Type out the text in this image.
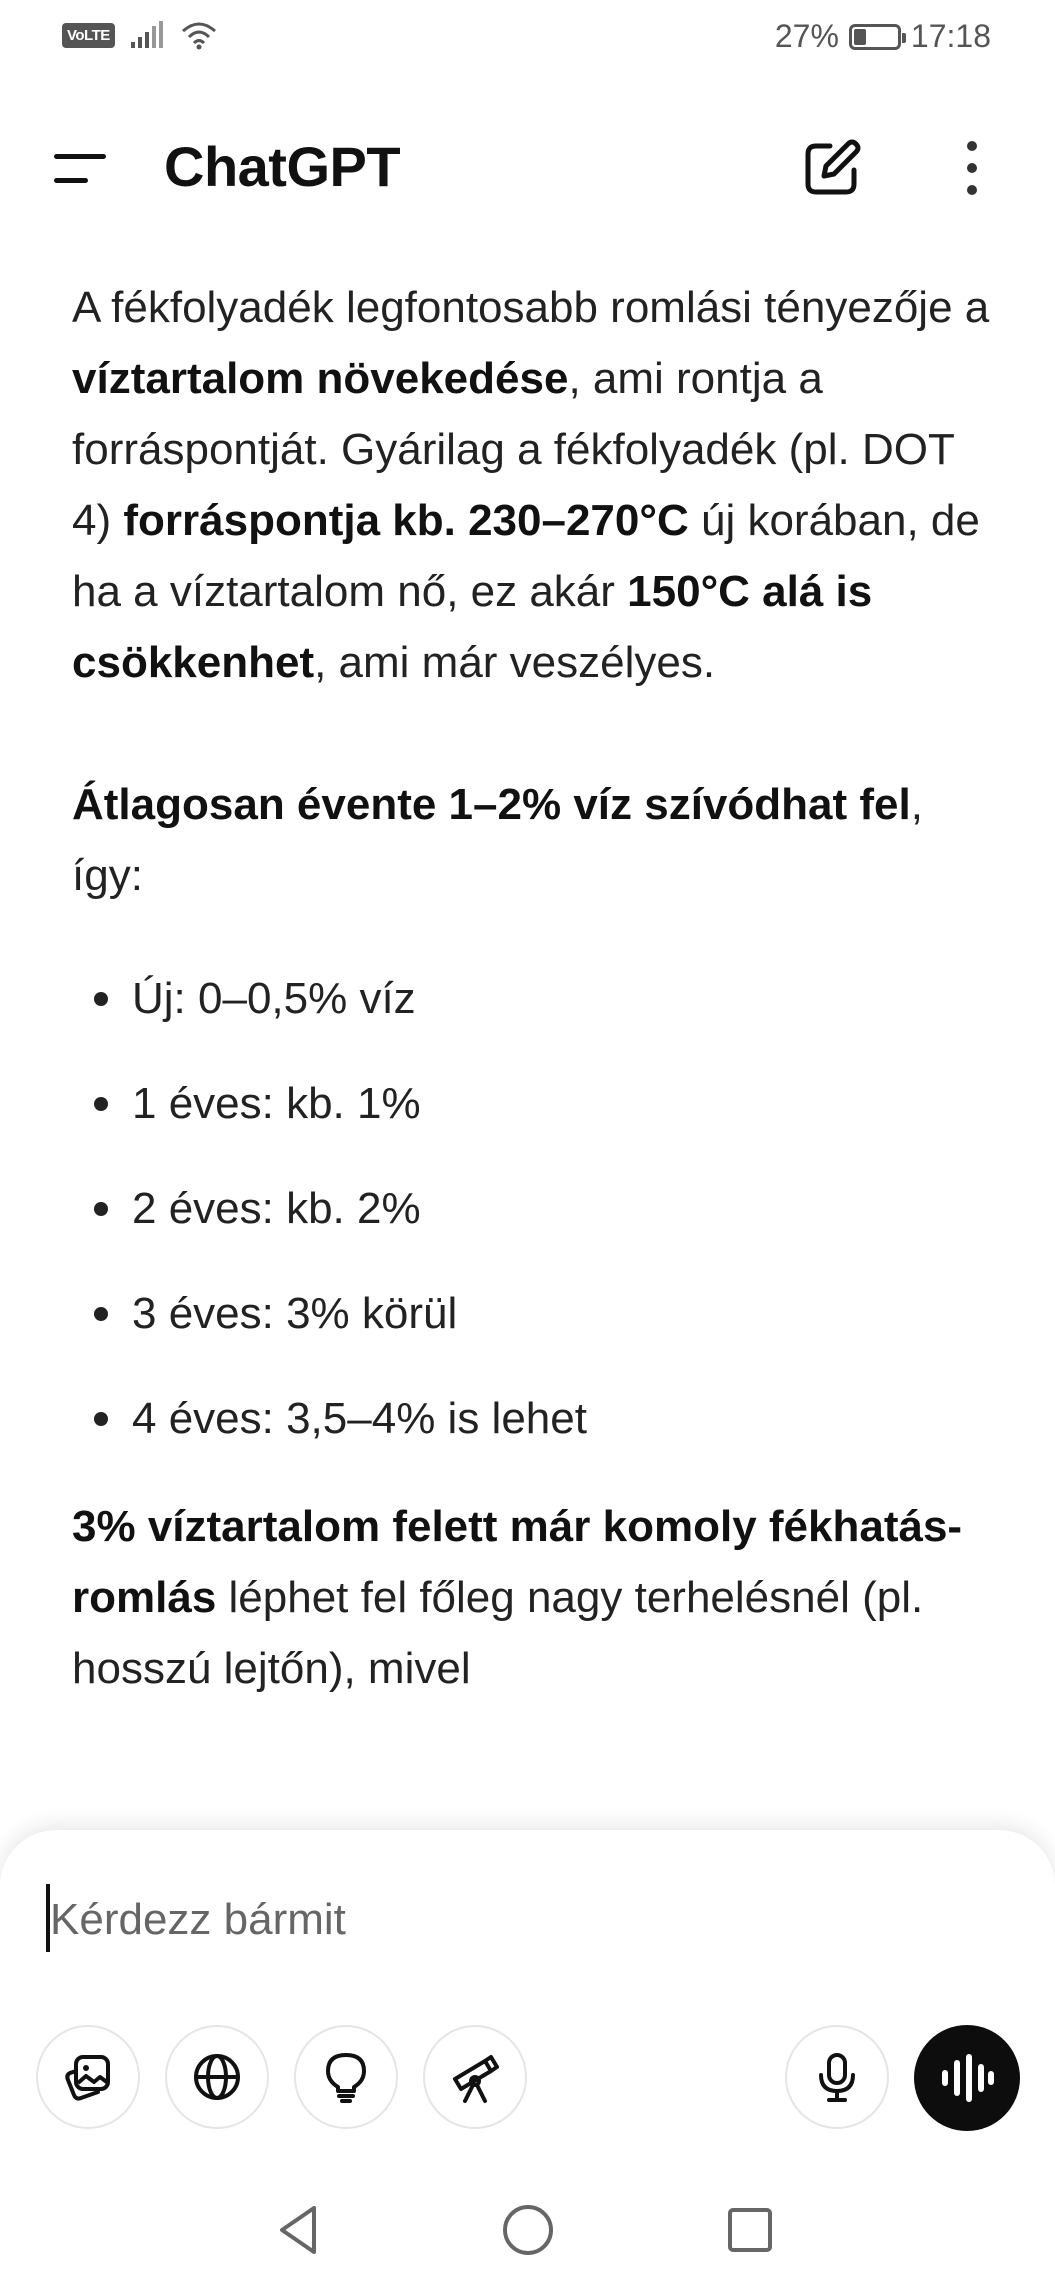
VoLTE	27% 17:18
ChatGPT

A fékfolyadék legfontosabb romlási tényezője a víztartalom növekedése, ami rontja a forráspontját. Gyárilag a fékfolyadék (pl. DOT 4) forráspontja kb. 230–270°C új korában, de ha a víztartalom nő, ez akár 150°C alá is csökkenhet, ami már veszélyes.

Átlagosan évente 1–2% víz szívódhat fel, így:

Új: 0–0,5% víz
1 éves: kb. 1%
2 éves: kb. 2%
3 éves: 3% körül
4 éves: 3,5–4% is lehet

3% víztartalom felett már komoly fékhatás-romlás léphet fel főleg nagy terhelésnél (pl. hosszú lejtőn), mivel

Kérdezz bármit
